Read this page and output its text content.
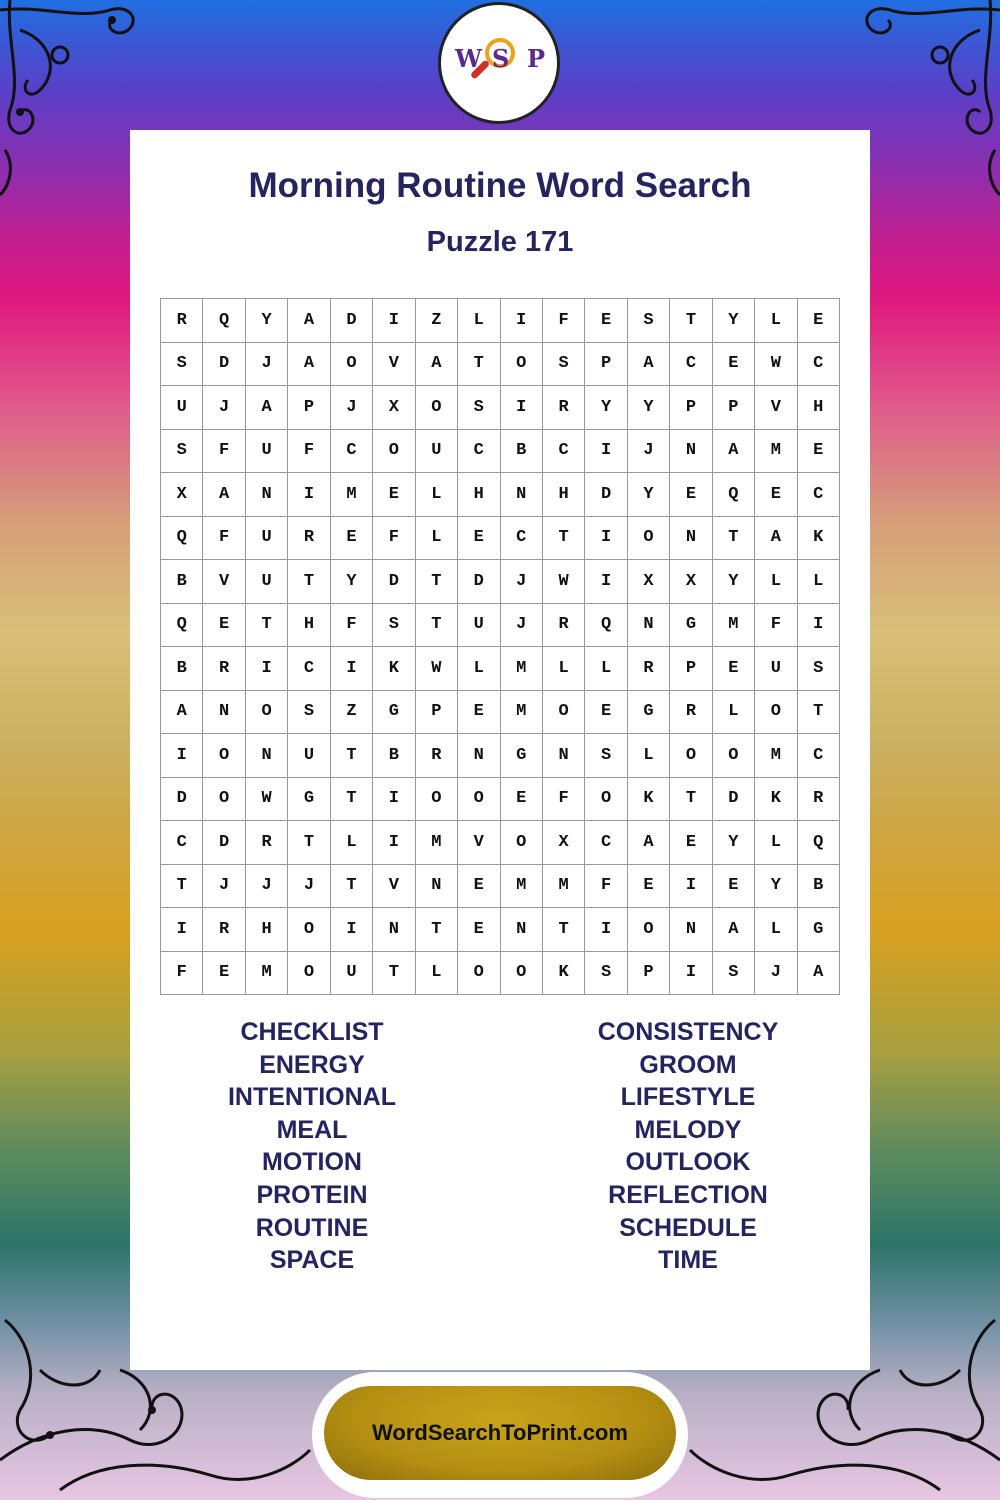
W S P
Morning Routine Word Search
Puzzle 171
R	Q	Y	A	D	I	Z	L	I	F	E	S	T	Y	L	E
S	D	J	A	O	V	A	T	O	S	P	A	C	E	W	C
U	J	A	P	J	X	O	S	I	R	Y	Y	P	P	V	H
S	F	U	F	C	O	U	C	B	C	I	J	N	A	M	E
X	A	N	I	M	E	L	H	N	H	D	Y	E	Q	E	C
Q	F	U	R	E	F	L	E	C	T	I	O	N	T	A	K
B	V	U	T	Y	D	T	D	J	W	I	X	X	Y	L	L
Q	E	T	H	F	S	T	U	J	R	Q	N	G	M	F	I
B	R	I	C	I	K	W	L	M	L	L	R	P	E	U	S
A	N	O	S	Z	G	P	E	M	O	E	G	R	L	O	T
I	O	N	U	T	B	R	N	G	N	S	L	O	O	M	C
D	O	W	G	T	I	O	O	E	F	O	K	T	D	K	R
C	D	R	T	L	I	M	V	O	X	C	A	E	Y	L	Q
T	J	J	J	T	V	N	E	M	M	F	E	I	E	Y	B
I	R	H	O	I	N	T	E	N	T	I	O	N	A	L	G
F	E	M	O	U	T	L	O	O	K	S	P	I	S	J	A
CHECKLIST
ENERGY
INTENTIONAL
MEAL
MOTION
PROTEIN
ROUTINE
SPACE
CONSISTENCY
GROOM
LIFESTYLE
MELODY
OUTLOOK
REFLECTION
SCHEDULE
TIME
WordSearchToPrint.com
